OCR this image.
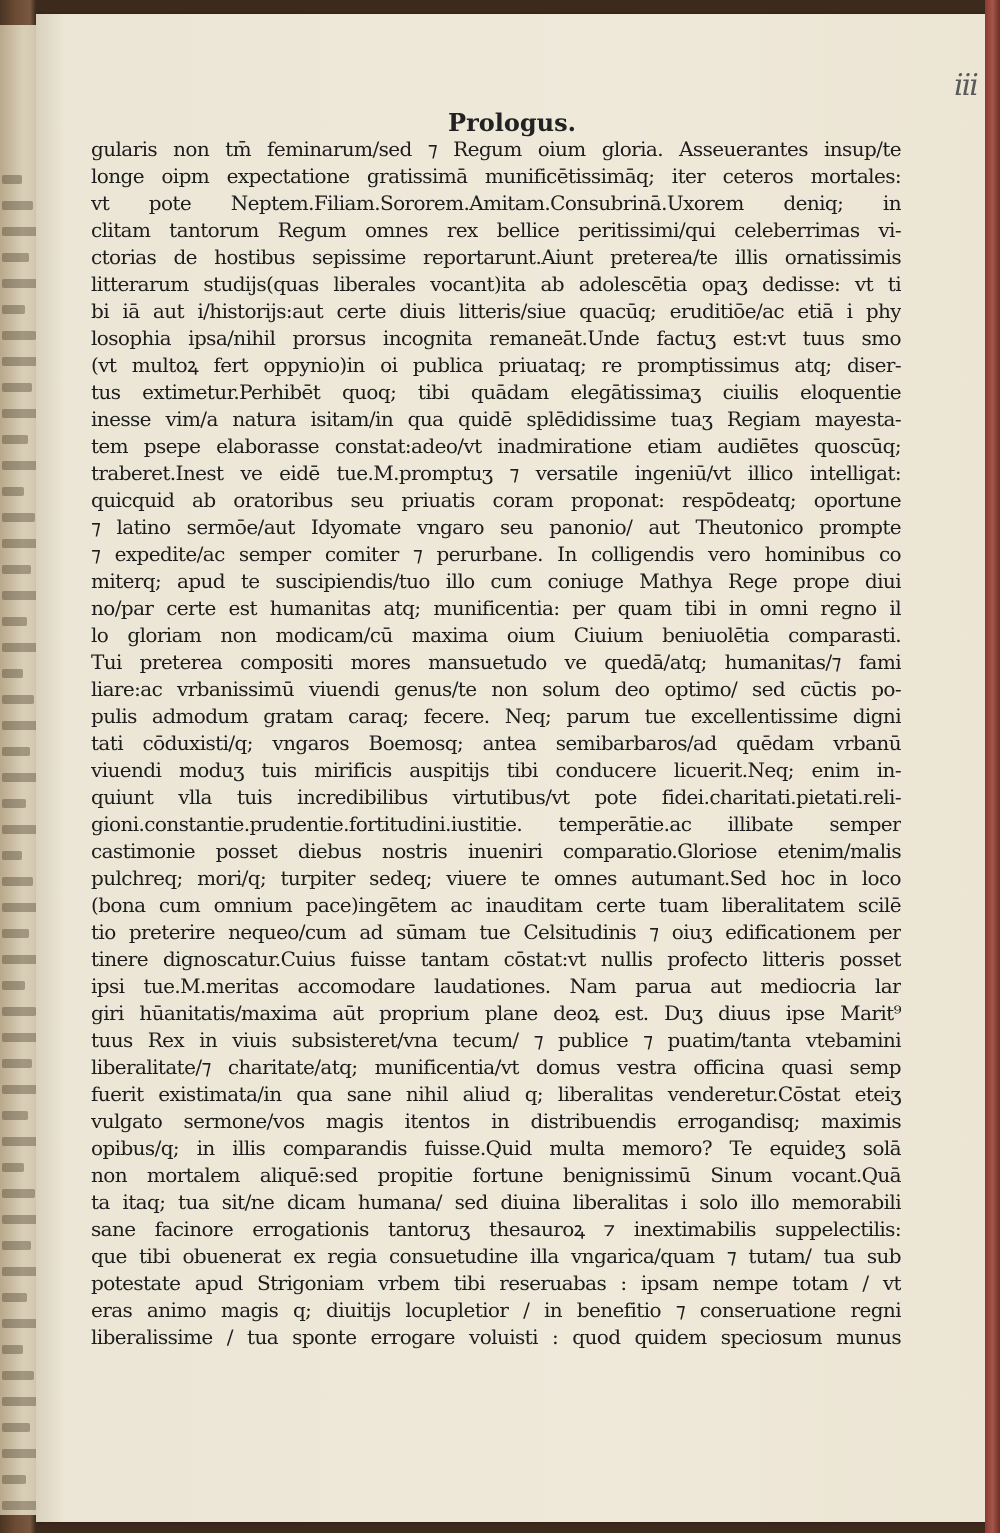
iii
Prologus.
gularis non tm̄ feminarum/sed ⁊ Regum oium gloria. Asseuerantes insup/te
longe oipm expectatione gratissimā munificētissimāq; iter ceteros mortales:
vt pote Neptem.Filiam.Sororem.Amitam.Consubrinā.Uxorem deniq; in
clitam tantorum Regum omnes rex bellice peritissimi/qui celeberrimas vi-
ctorias de hostibus sepissime reportarunt.Aiunt preterea/te illis ornatissimis
litterarum studijs(quas liberales vocant)ita ab adolescētia opaʒ dedisse: vt ti
bi iā aut i/historijs:aut certe diuis litteris/siue quacūq; eruditiōe/ac etiā i phy
losophia ipsa/nihil prorsus incognita remaneāt.Unde factuʒ est:vt tuus smo
(vt multoꝝ fert oppynio)in oi publica priuataq; re promptissimus atq; diser-
tus extimetur.Perhibēt quoq; tibi quādam elegātissimaʒ ciuilis eloquentie
inesse vim/a natura isitam/in qua quidē splēdidissime tuaʒ Regiam mayesta-
tem psepe elaborasse constat:adeo/vt inadmiratione etiam audiētes quoscūq;
traberet.Inest ve eidē tue.M.promptuʒ ⁊ versatile ingeniū/vt illico intelligat:
quicquid ab oratoribus seu priuatis coram proponat: respōdeatq; oportune
⁊ latino sermōe/aut Idyomate vngaro seu panonio/ aut Theutonico prompte
⁊ expedite/ac semper comiter ⁊ perurbane. In colligendis vero hominibus co
miterq; apud te suscipiendis/tuo illo cum coniuge Mathya Rege prope diui
no/par certe est humanitas atq; munificentia: per quam tibi in omni regno il
lo gloriam non modicam/cū maxima oium Ciuium beniuolētia comparasti.
Tui preterea compositi mores mansuetudo ve quedā/atq; humanitas/⁊ fami
liare:ac vrbanissimū viuendi genus/te non solum deo optimo/ sed cūctis po-
pulis admodum gratam caraq; fecere. Neq; parum tue excellentissime digni
tati cōduxisti/q; vngaros Boemosq; antea semibarbaros/ad quēdam vrbanū
viuendi moduʒ tuis mirificis auspitijs tibi conducere licuerit.Neq; enim in-
quiunt vlla tuis incredibilibus virtutibus/vt pote fidei.charitati.pietati.reli-
gioni.constantie.prudentie.fortitudini.iustitie. temperātie.ac illibate semper
castimonie posset diebus nostris inueniri comparatio.Gloriose etenim/malis
pulchreq; mori/q; turpiter sedeq; viuere te omnes autumant.Sed hoc in loco
(bona cum omnium pace)ingētem ac inauditam certe tuam liberalitatem scilē
tio preterire nequeo/cum ad sūmam tue Celsitudinis ⁊ oiuʒ edificationem per
tinere dignoscatur.Cuius fuisse tantam cōstat:vt nullis profecto litteris posset
ipsi tue.M.meritas accomodare laudationes. Nam parua aut mediocria lar
giri hūanitatis/maxima aūt proprium plane deoꝝ est. Duʒ diuus ipse Marit⁹
tuus Rex in viuis subsisteret/vna tecum/ ⁊ publice ⁊ puatim/tanta vtebamini
liberalitate/⁊ charitate/atq; munificentia/vt domus vestra officina quasi semp
fuerit existimata/in qua sane nihil aliud q; liberalitas venderetur.Cōstat eteiʒ
vulgato sermone/vos magis itentos in distribuendis errogandisq; maximis
opibus/q; in illis comparandis fuisse.Quid multa memoro? Te equideʒ solā
non mortalem aliquē:sed propitie fortune benignissimū Sinum vocant.Quā
ta itaq; tua sit/ne dicam humana/ sed diuina liberalitas i solo illo memorabili
sane facinore errogationis tantoruʒ thesauroꝝ ⁊ inextimabilis suppelectilis:
que tibi obuenerat ex regia consuetudine illa vngarica/quam ⁊ tutam/ tua sub
potestate apud Strigoniam vrbem tibi reseruabas : ipsam nempe totam / vt
eras animo magis q; diuitijs locupletior / in benefitio ⁊ conseruatione regni
liberalissime / tua sponte errogare voluisti : quod quidem speciosum munus
